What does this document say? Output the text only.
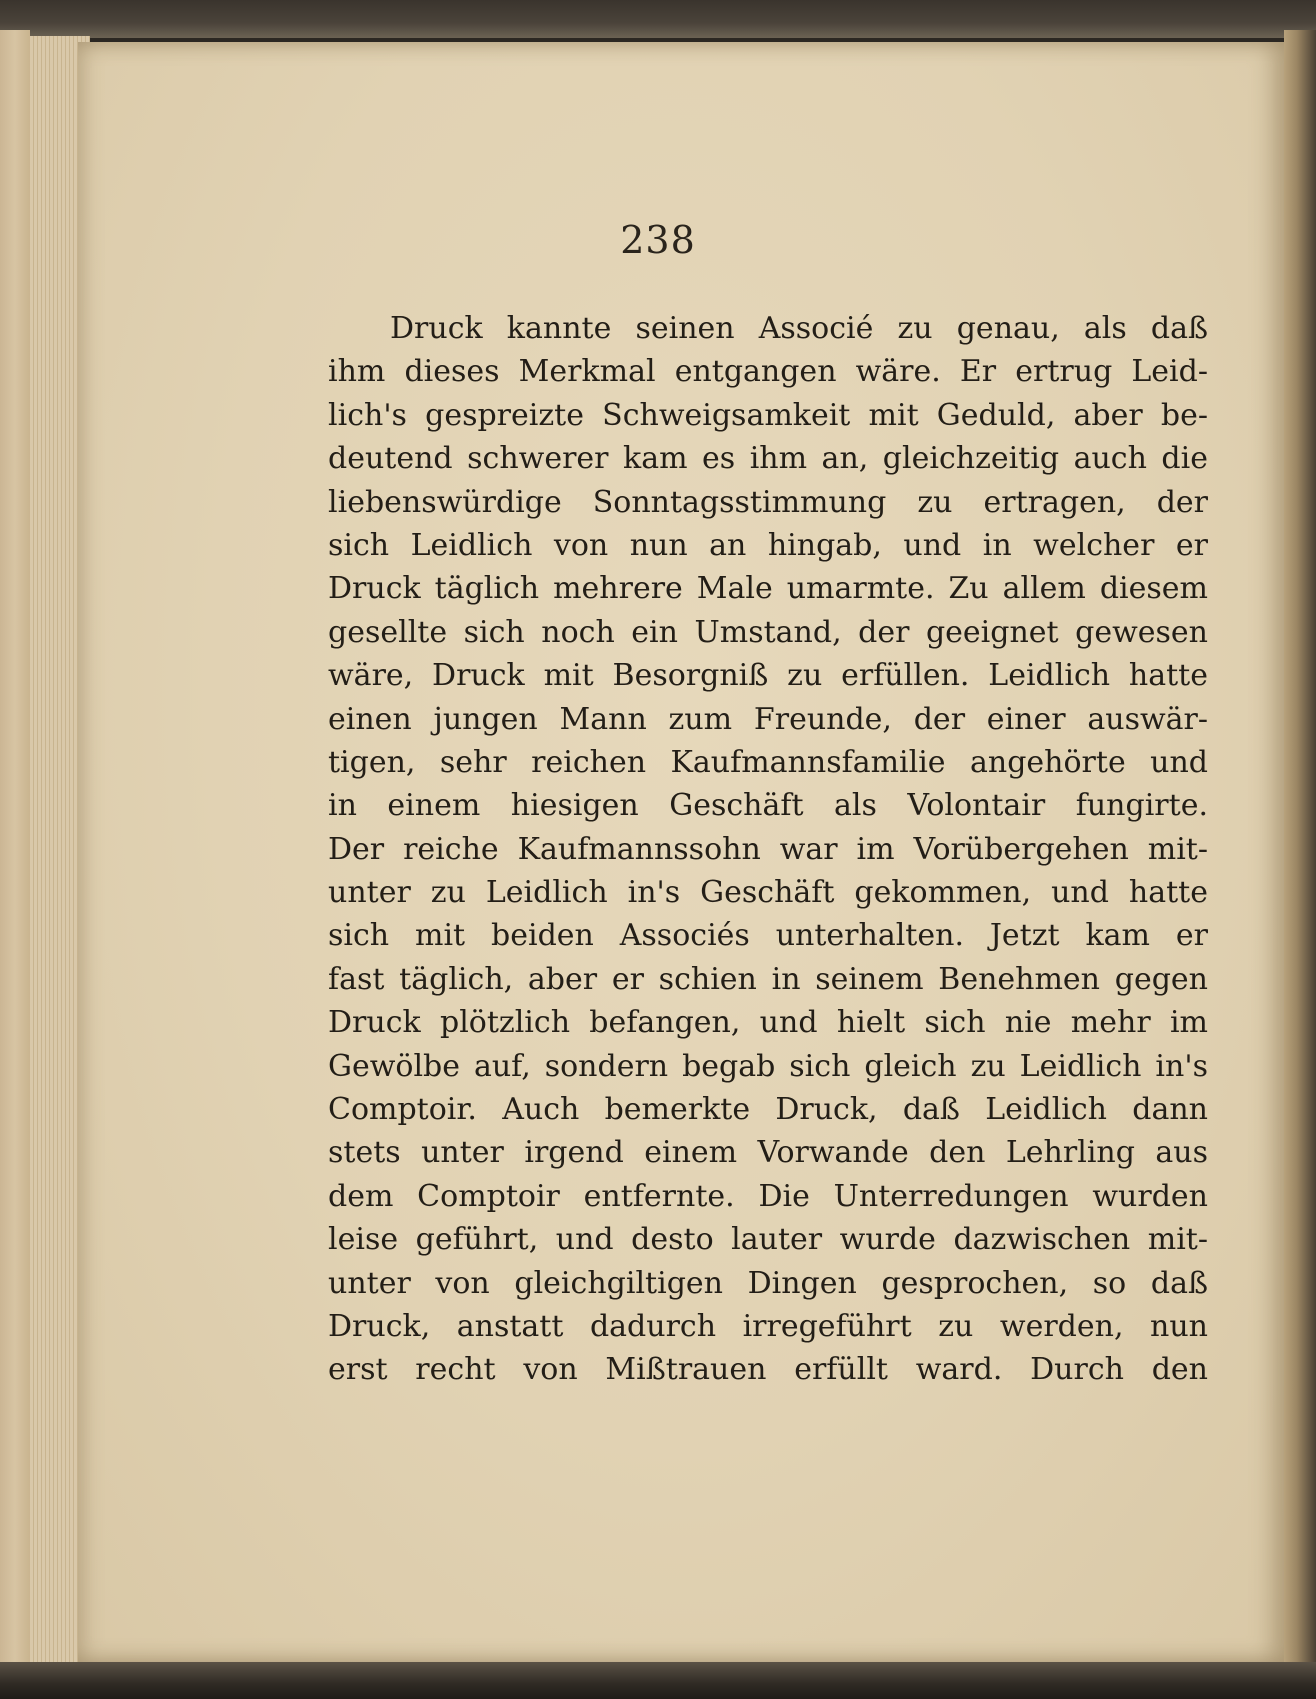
238

Druck kannte seinen Associé zu genau, als daß
ihm dieses Merkmal entgangen wäre. Er ertrug Leid-
lich's gespreizte Schweigsamkeit mit Geduld, aber be-
deutend schwerer kam es ihm an, gleichzeitig auch die
liebenswürdige Sonntagsstimmung zu ertragen, der
sich Leidlich von nun an hingab, und in welcher er
Druck täglich mehrere Male umarmte. Zu allem diesem
gesellte sich noch ein Umstand, der geeignet gewesen
wäre, Druck mit Besorgniß zu erfüllen. Leidlich hatte
einen jungen Mann zum Freunde, der einer auswär-
tigen, sehr reichen Kaufmannsfamilie angehörte und
in einem hiesigen Geschäft als Volontair fungirte.
Der reiche Kaufmannssohn war im Vorübergehen mit-
unter zu Leidlich in's Geschäft gekommen, und hatte
sich mit beiden Associés unterhalten. Jetzt kam er
fast täglich, aber er schien in seinem Benehmen gegen
Druck plötzlich befangen, und hielt sich nie mehr im
Gewölbe auf, sondern begab sich gleich zu Leidlich in's
Comptoir. Auch bemerkte Druck, daß Leidlich dann
stets unter irgend einem Vorwande den Lehrling aus
dem Comptoir entfernte. Die Unterredungen wurden
leise geführt, und desto lauter wurde dazwischen mit-
unter von gleichgiltigen Dingen gesprochen, so daß
Druck, anstatt dadurch irregeführt zu werden, nun
erst recht von Mißtrauen erfüllt ward. Durch den
